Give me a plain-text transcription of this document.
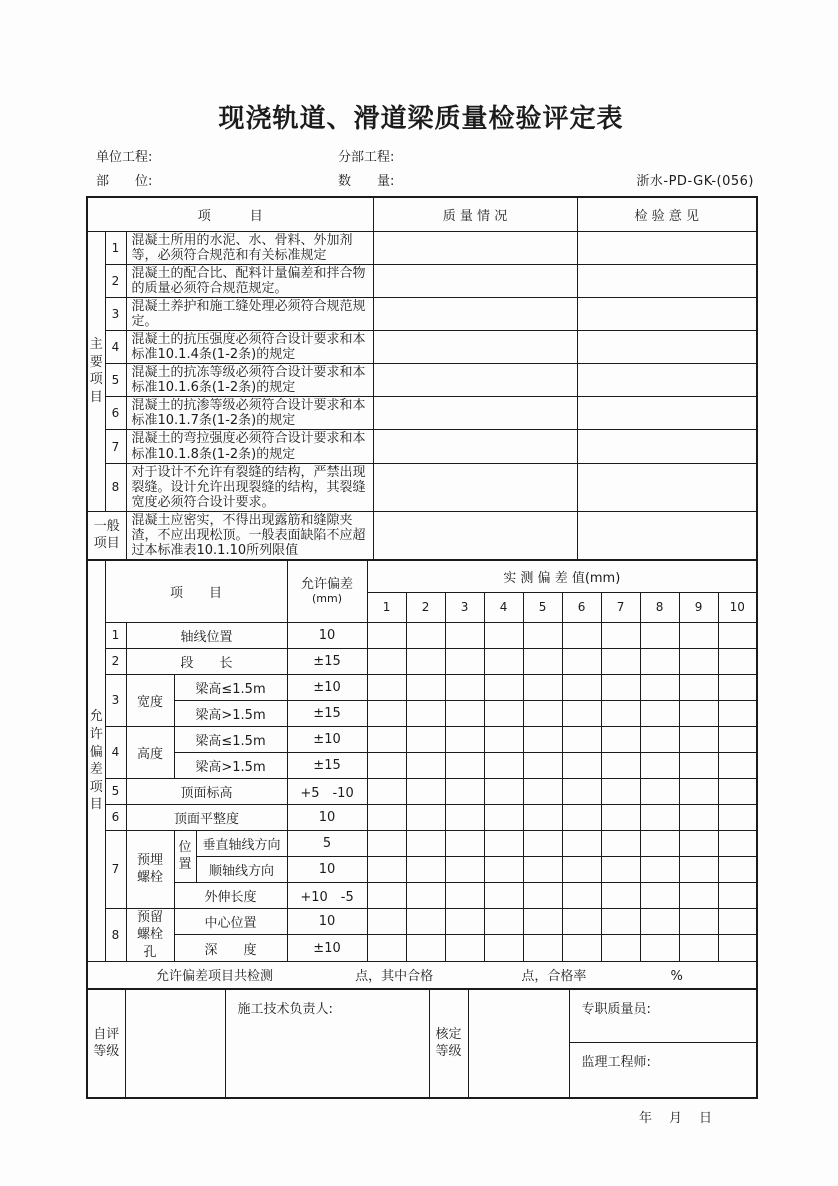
现浇轨道、滑道梁质量检验评定表
单位工程:	分部工程:
部　　位:	数　　量:	浙水-PD-GK-(056)
项　　　目			质 量 情 况	检 验 意 见

主要项目	1	混凝土所用的水泥、水、骨料、外加剂等，必须符合规范和有关标准规定		
	2	混凝土的配合比、配料计量偏差和拌合物的质量必须符合规范规定。		
	3	混凝土养护和施工缝处理必须符合规范规定。		
	4	混凝土的抗压强度必须符合设计要求和本标准10.1.4条(1-2条)的规定		
	5	混凝土的抗冻等级必须符合设计要求和本标准10.1.6条(1-2条)的规定		
	6	混凝土的抗渗等级必须符合设计要求和本标准10.1.7条(1-2条)的规定		
	7	混凝土的弯拉强度必须符合设计要求和本标准10.1.8条(1-2条)的规定		
	8	对于设计不允许有裂缝的结构，严禁出现裂缝。设计允许出现裂缝的结构，其裂缝宽度必须符合设计要求。		

一般项目		混凝土应密实，不得出现露筋和缝隙夹渣，不应出现松顶。一般表面缺陷不应超过本标准表10.1.10所列限值		
允许偏差项目	项　　目				允许偏差
(mm)	实 测 偏 差 值(mm)									
						1	2	3	4	5	6	7	8	9	10
	1	轴线位置			10										
	2	段　　长			±15										
	3	宽度	梁高≤1.5m		±10										
			梁高>1.5m		±15										
	4	高度	梁高≤1.5m		±10										
			梁高>1.5m		±15										
	5	顶面标高			+5　-10										
	6	顶面平整度			10										
	7	预埋螺栓	位置	垂直轴线方向	5										
				顺轴线方向	10										
			外伸长度		+10　-5										
	8	预留螺栓孔	中心位置		10										
			深　　度		±10										
允许偏差项目共检测 点，其中合格 点，合格率 %															
自评等级
		施工技术负责人:	
核定等级
		专职质量员:
监理工程师:
年　月　日
